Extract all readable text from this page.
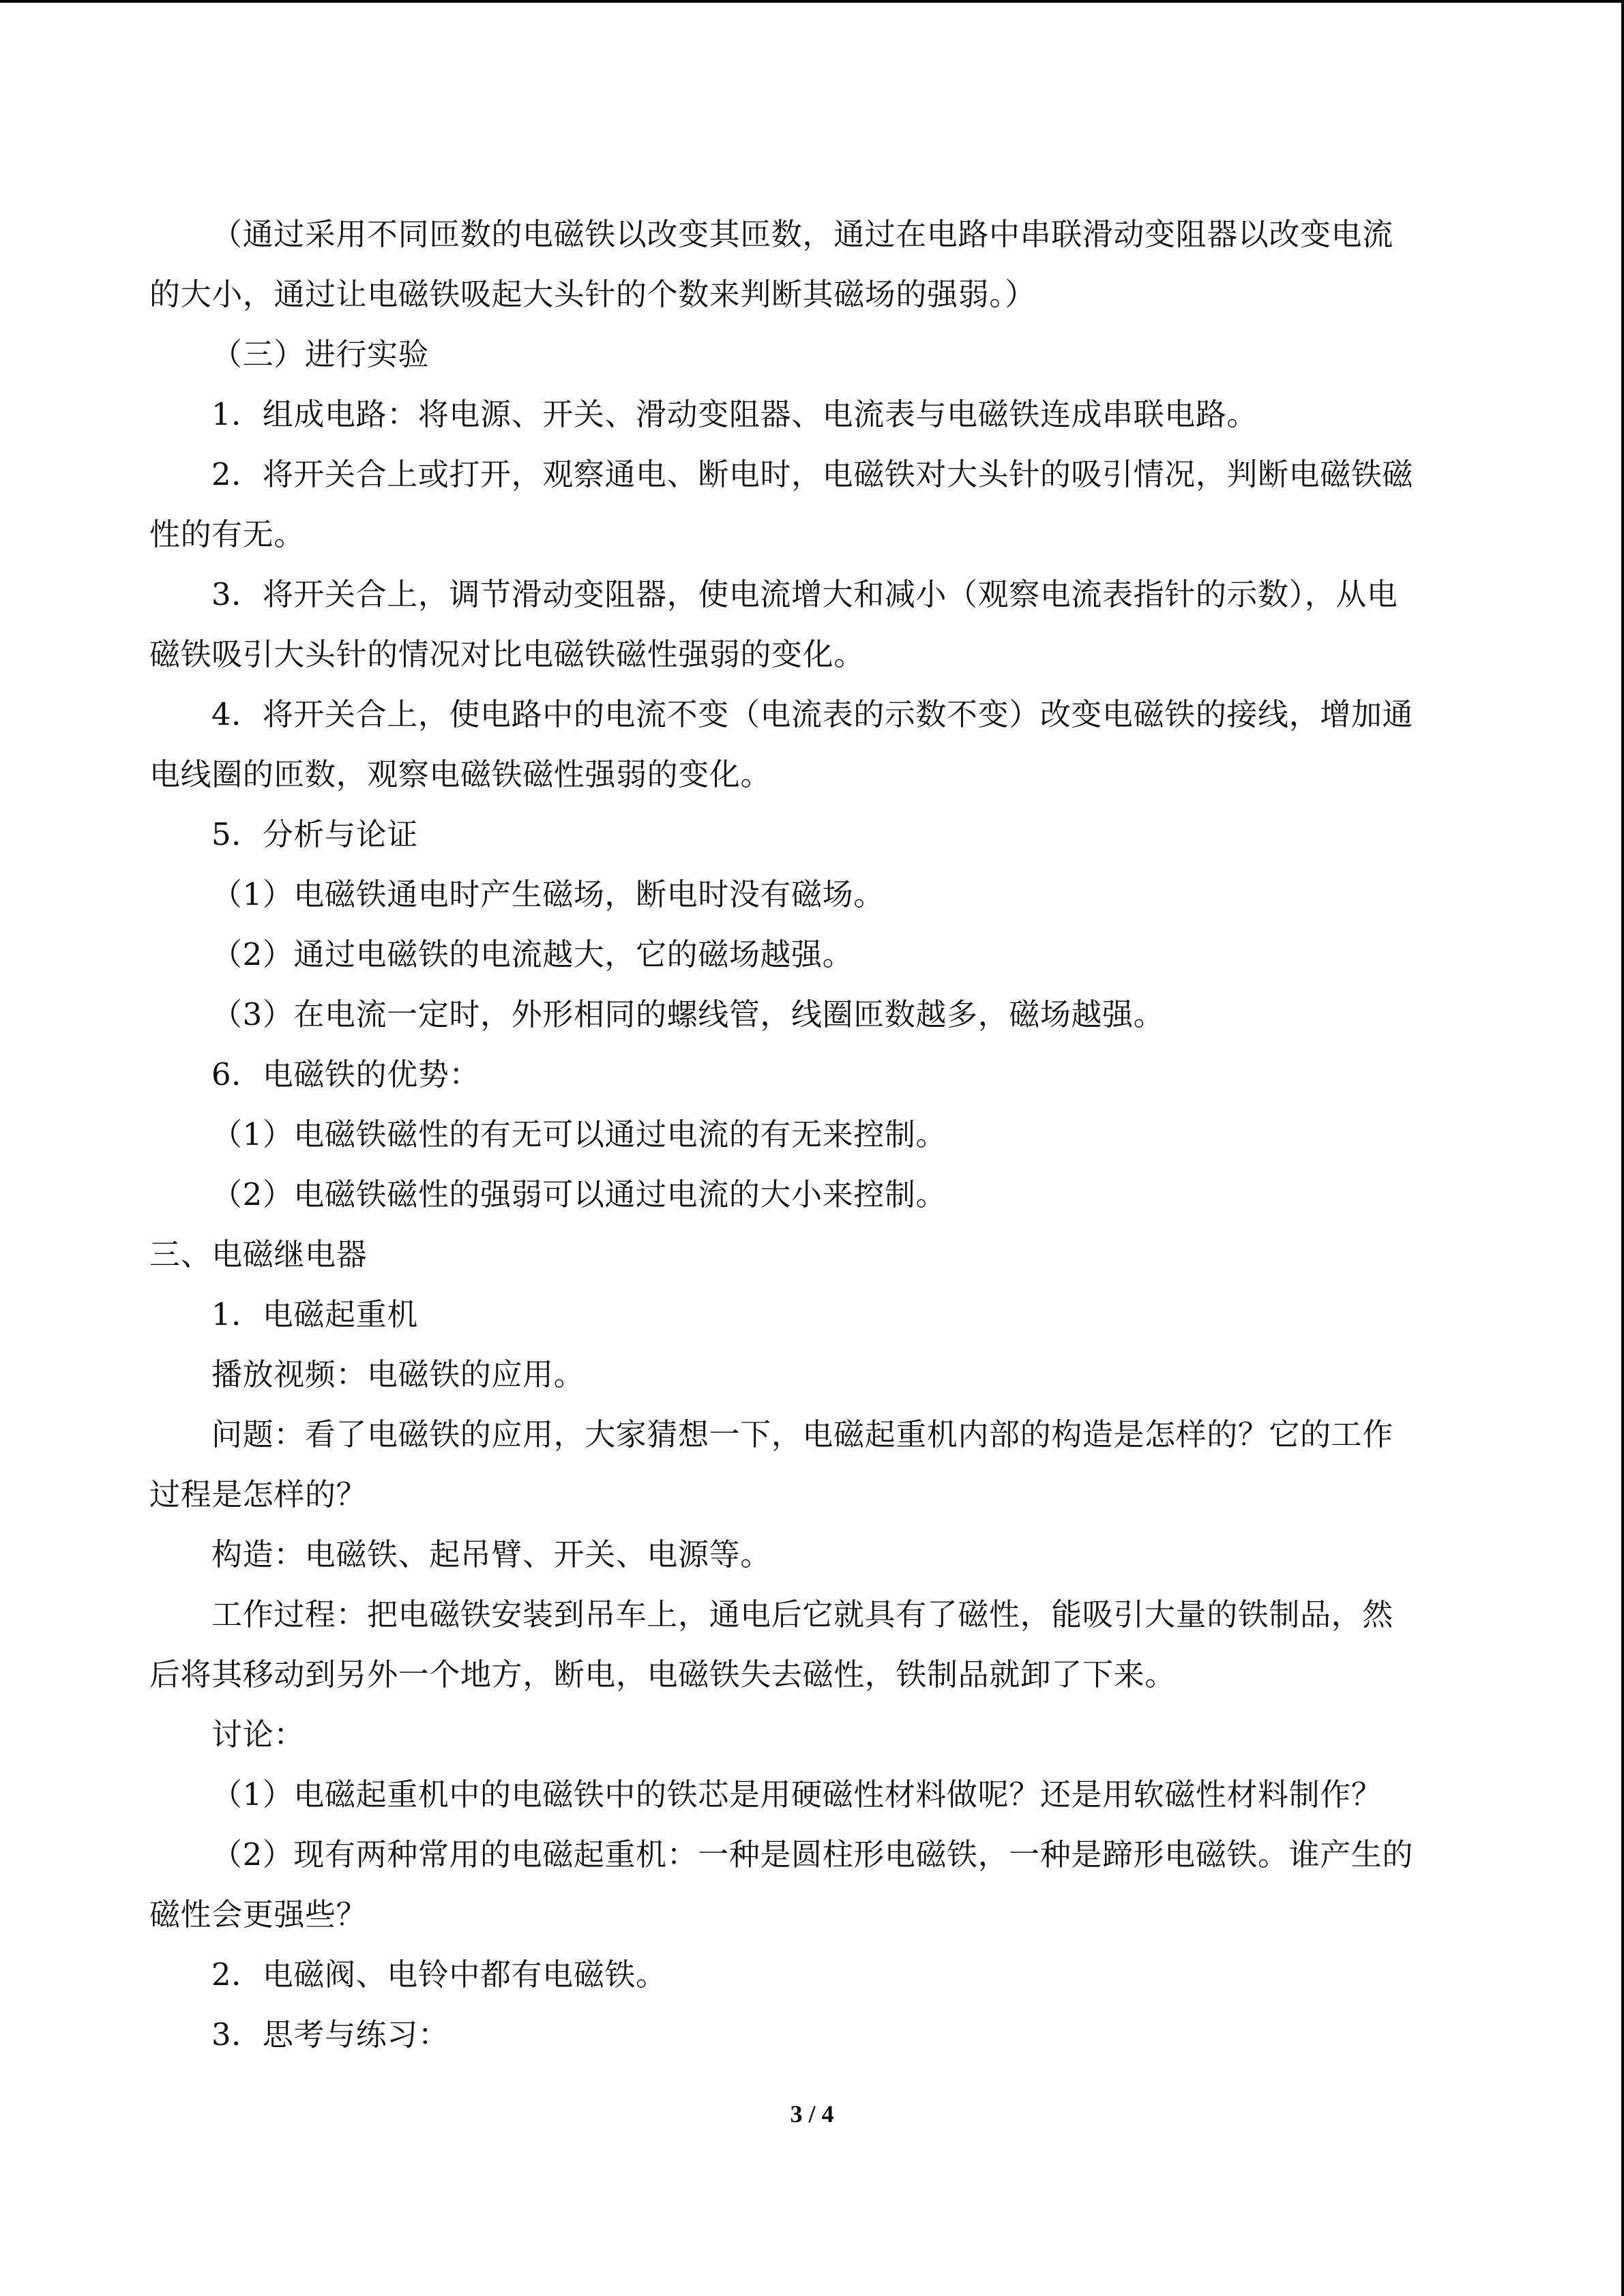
（通过采用不同匝数的电磁铁以改变其匝数，通过在电路中串联滑动变阻器以改变电流

的大小，通过让电磁铁吸起大头针的个数来判断其磁场的强弱。）

（三）进行实验

1．组成电路：将电源、开关、滑动变阻器、电流表与电磁铁连成串联电路。

2．将开关合上或打开，观察通电、断电时，电磁铁对大头针的吸引情况，判断电磁铁磁

性的有无。

3．将开关合上，调节滑动变阻器，使电流增大和减小（观察电流表指针的示数），从电

磁铁吸引大头针的情况对比电磁铁磁性强弱的变化。

4．将开关合上，使电路中的电流不变（电流表的示数不变）改变电磁铁的接线，增加通

电线圈的匝数，观察电磁铁磁性强弱的变化。

5．分析与论证

（1）电磁铁通电时产生磁场，断电时没有磁场。

（2）通过电磁铁的电流越大，它的磁场越强。

（3）在电流一定时，外形相同的螺线管，线圈匝数越多，磁场越强。

6．电磁铁的优势：

（1）电磁铁磁性的有无可以通过电流的有无来控制。

（2）电磁铁磁性的强弱可以通过电流的大小来控制。

三、电磁继电器

1．电磁起重机

播放视频：电磁铁的应用。

问题：看了电磁铁的应用，大家猜想一下，电磁起重机内部的构造是怎样的？它的工作

过程是怎样的？

构造：电磁铁、起吊臂、开关、电源等。

工作过程：把电磁铁安装到吊车上，通电后它就具有了磁性，能吸引大量的铁制品，然

后将其移动到另外一个地方，断电，电磁铁失去磁性，铁制品就卸了下来。

讨论：

（1）电磁起重机中的电磁铁中的铁芯是用硬磁性材料做呢？还是用软磁性材料制作？

（2）现有两种常用的电磁起重机：一种是圆柱形电磁铁，一种是蹄形电磁铁。谁产生的

磁性会更强些？

2．电磁阀、电铃中都有电磁铁。

3．思考与练习：

3 / 4
